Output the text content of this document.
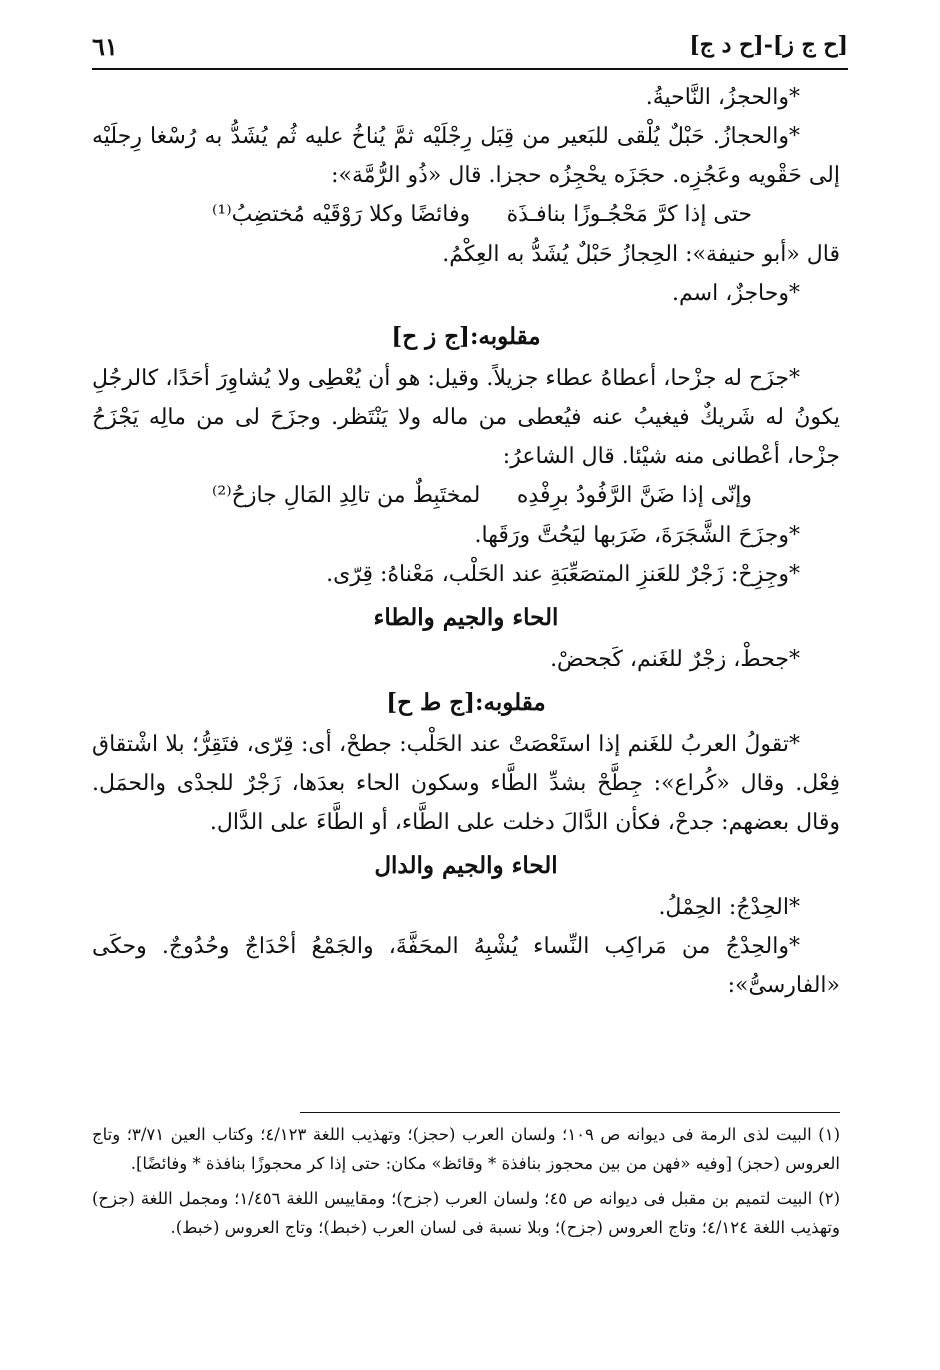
[ح ج ز]-[ح د ج]
٦١

*والحجزُ، النَّاحيةُ.

*والحجازُ. حَبْلٌ يُلْقى للبَعير من قِبَل رِجْلَيْه ثمَّ يُناخُ عليه ثُم يُشَدُّ به رُسْغا رِجلَيْه إلى حَقْويه وعَجُزِه. حجَزَه يحْجِزُه حجزا. قال «ذُو الرُّمَّة»:

حتى إذا كرَّ مَحْجُـوزًا بنافـذَة
وفائضًا وكلا رَوْقَيْه مُختضِبُ⁽¹⁾

قال «أبو حنيفة»: الحِجازُ حَبْلٌ يُشَدُّ به العِكْمُ.

*وحاجزٌ، اسم.

مقلوبه:[ج ز ح]

*جزَح له جزْحا، أعطاهُ عطاء جزيلاً. وقيل: هو أن يُعْطِى ولا يُشاوِرَ أحَدًا، كالرجُلِ يكونُ له شَريكٌ فيغيبُ عنه فيُعطى من ماله ولا يَنْتَظر. وجزَحَ لى من مالِه يَجْزَحُ جزْحا، أعْطانى منه شيْئا. قال الشاعرُ:

وإنّى إذا ضَنَّ الرَّفُودُ برِفْدِه
لمختَبِطٌ من تالِدِ المَالِ جازحُ⁽²⁾

*وجزَحَ الشَّجَرَةَ، ضَرَبها ليَحُتَّ ورَقَها.

*وجِزِحْ: زَجْرٌ للعَنزِ المتصَعِّبَةِ عند الحَلْب، مَعْناهُ: قِرّى.

الحاء والجيم والطاء

*جحطْ، زجْرٌ للغَنم، كَجحضْ.

مقلوبه:[ج ط ح]

*تقولُ العربُ للغَنم إذا استَعْصَتْ عند الحَلْب: جطحْ، أى: قِرّى، فتَقِرُّ؛ بلا اشْتقاق فِعْل. وقال «كُراع»: جِطَّحْ بشدِّ الطَّاء وسكون الحاء بعدَها، زَجْرٌ للجدْى والحمَل. وقال بعضهم: جدحْ، فكأن الدَّالَ دخلت على الطَّاء، أو الطَّاءَ على الدَّال.

الحاء والجيم والدال

*الحِدْجُ: الحِمْلُ.

*والحِدْجُ من مَراكِب النِّساء يُشْبِهُ المحَفَّةَ، والجَمْعُ أحْدَاجٌ وحُدُوجٌ. وحكَى «الفارسىُّ»:

(١) البيت لذى الرمة فى ديوانه ص ١٠٩؛ ولسان العرب (حجز)؛ وتهذيب اللغة ٤/١٢٣؛ وكتاب العين ٣/٧١؛ وتاج العروس (حجز) [وفيه «فهن من بين محجوز بنافذة * وقائظ» مكان: حتى إذا كر محجوزًا بنافذة * وفائضًا].

(٢) البيت لتميم بن مقبل فى ديوانه ص ٤٥؛ ولسان العرب (جزح)؛ ومقاييس اللغة ١/٤٥٦؛ ومجمل اللغة (جزح) وتهذيب اللغة ٤/١٢٤؛ وتاج العروس (جزح)؛ وبلا نسبة فى لسان العرب (خبط)؛ وتاج العروس (خبط).
